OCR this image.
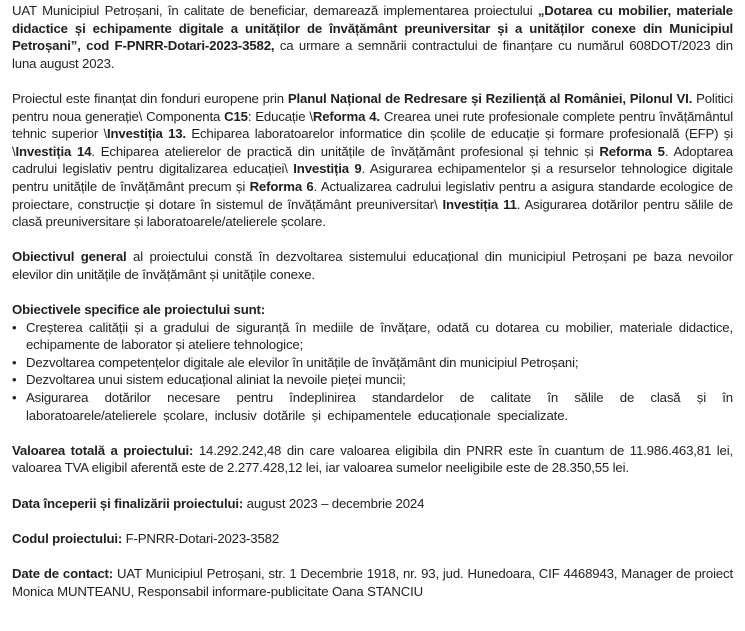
UAT Municipiul Petroșani, în calitate de beneficiar, demarează implementarea proiectului „Dotarea cu mobilier, materiale didactice și echipamente digitale a unităților de învățământ preuniversitar și a unităților conexe din Municipiul Petroșani”, cod F-PNRR-Dotari-2023-3582, ca urmare a semnării contractului de finanțare cu numărul 608DOT/2023 din luna august 2023.

Proiectul este finanțat din fonduri europene prin Planul Național de Redresare și Reziliență al României, Pilonul VI. Politici pentru noua generație\ Componenta C15: Educație \Reforma 4. Crearea unei rute profesionale complete pentru învățământul tehnic superior \Investiția 13. Echiparea laboratoarelor informatice din școlile de educație și formare profesională (EFP) și \Investiția 14. Echiparea atelierelor de practică din unitățile de învățământ profesional și tehnic și Reforma 5. Adoptarea cadrului legislativ pentru digitalizarea educației\ Investiția 9. Asigurarea echipamentelor și a resurselor tehnologice digitale pentru unitățile de învățământ precum și Reforma 6. Actualizarea cadrului legislativ pentru a asigura standarde ecologice de proiectare, construcție și dotare în sistemul de învățământ preuniversitar\ Investiția 11. Asigurarea dotărilor pentru sălile de clasă preuniversitare și laboratoarele/atelierele școlare.

Obiectivul general al proiectului constă în dezvoltarea sistemului educațional din municipiul Petroșani pe baza nevoilor elevilor din unitățile de învățământ și unitățile conexe.

Obiectivele specifice ale proiectului sunt:

• Creșterea calității și a gradului de siguranță în mediile de învățare, odată cu dotarea cu mobilier, materiale didactice, echipamente de laborator și ateliere tehnologice;
• Dezvoltarea competențelor digitale ale elevilor în unitățile de învățământ din municipiul Petroșani;
• Dezvoltarea unui sistem educațional aliniat la nevoile pieței muncii;
• Asigurarea dotărilor necesare pentru îndeplinirea standardelor de calitate în sălile de clasă și în laboratoarele/atelierele școlare, inclusiv dotările și echipamentele educaționale specializate.

Valoarea totală a proiectului: 14.292.242,48 din care valoarea eligibila din PNRR este în cuantum de 11.986.463,81 lei, valoarea TVA eligibil aferentă este de 2.277.428,12 lei, iar valoarea sumelor neeligibile este de 28.350,55 lei.

Data începerii și finalizării proiectului: august 2023 – decembrie 2024

Codul proiectului: F-PNRR-Dotari-2023-3582

Date de contact: UAT Municipiul Petroșani, str. 1 Decembrie 1918, nr. 93, jud. Hunedoara, CIF 4468943, Manager de proiect Monica MUNTEANU, Responsabil informare-publicitate Oana STANCIU
